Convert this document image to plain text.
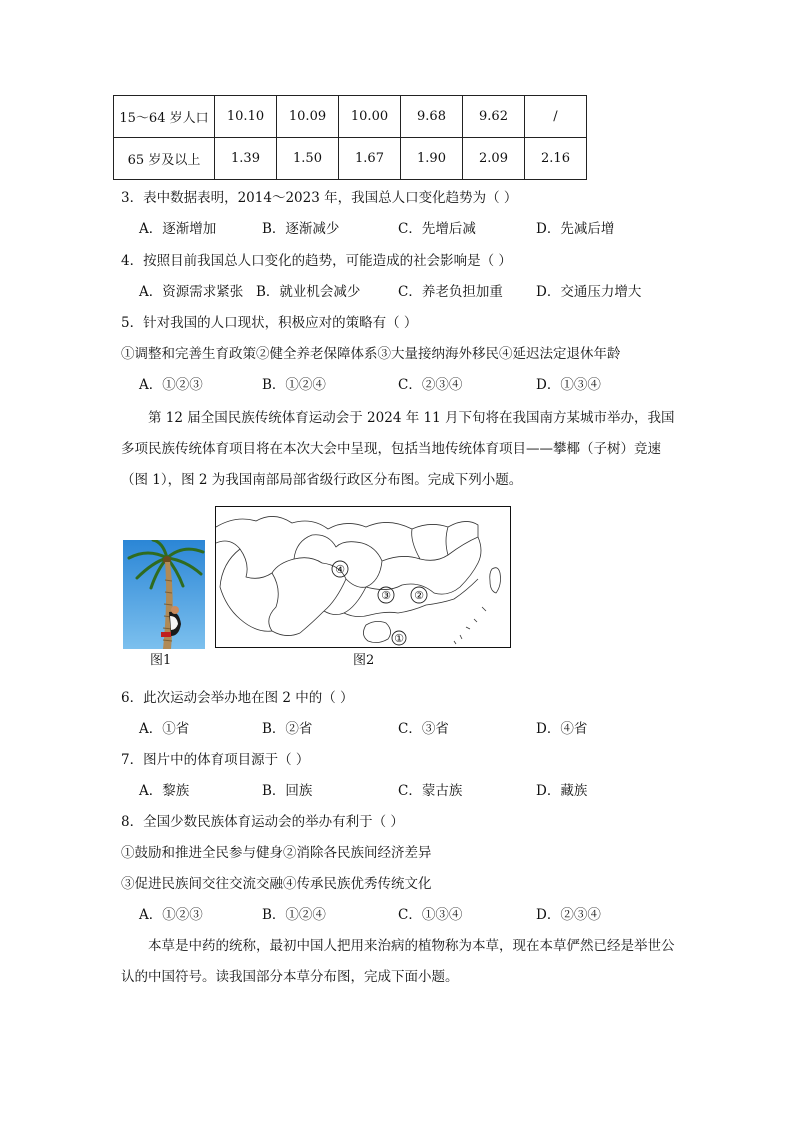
15～64 岁人口	10.10	10.09	10.00	9.68	9.62	/
65 岁及以上	1.39	1.50	1.67	1.90	2.09	2.16
3．表中数据表明，2014～2023 年，我国总人口变化趋势为（ ）
A．逐渐增加	B．逐渐减少	C．先增后减	D．先减后增
4．按照目前我国总人口变化的趋势，可能造成的社会影响是（ ）
A．资源需求紧张 B．就业机会减少	C．养老负担加重 D．交通压力增大
5．针对我国的人口现状，积极应对的策略有（ ）
①调整和完善生育政策②健全养老保障体系③大量接纳海外移民④延迟法定退休年龄
A．①②③	B．①②④	C．②③④	D．①③④
第 12 届全国民族传统体育运动会于 2024 年 11 月下旬将在我国南方某城市举办，我国多项民族传统体育项目将在本次大会中呈现，包括当地传统体育项目——攀椰（子树）竞速（图 1），图 2 为我国南部局部省级行政区分布图。完成下列小题。
图1
④
③ ②
①
图2
6．此次运动会举办地在图 2 中的（ ）
A．①省	B．②省	C．③省	D．④省
7．图片中的体育项目源于（ ）
A．黎族	B．回族	C．蒙古族	D．藏族
8．全国少数民族体育运动会的举办有利于（ ）
①鼓励和推进全民参与健身②消除各民族间经济差异
③促进民族间交往交流交融④传承民族优秀传统文化
A．①②③	B．①②④	C．①③④	D．②③④
本草是中药的统称，最初中国人把用来治病的植物称为本草，现在本草俨然已经是举世公认的中国符号。读我国部分本草分布图，完成下面小题。
